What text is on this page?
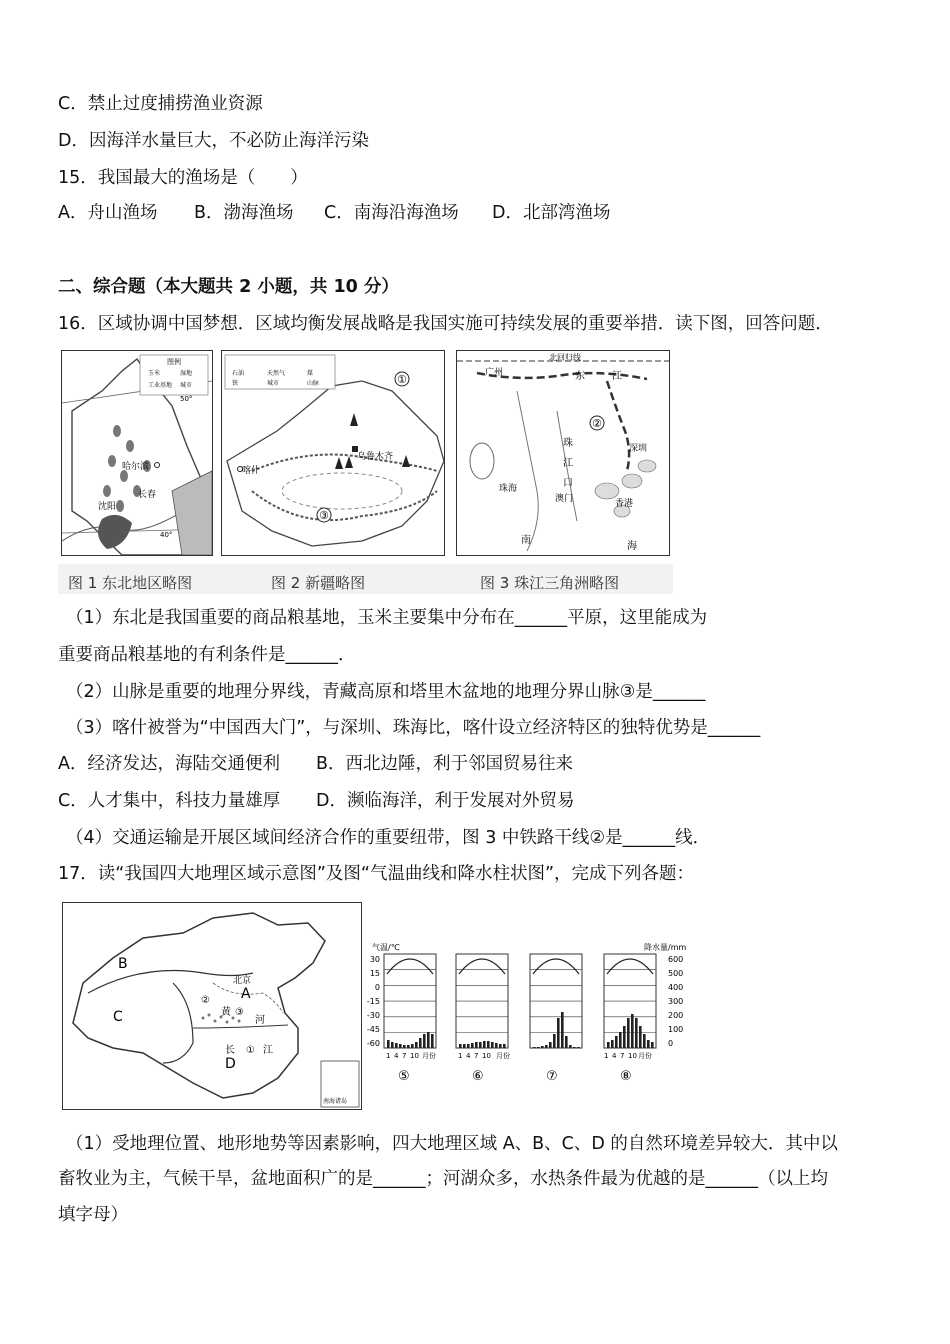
C．禁止过度捕捞渔业资源
D．因海洋水量巨大，不必防止海洋污染
15．我国最大的渔场是（　　）
A．舟山渔场 B．渤海渔场 C．南海沿海渔场 D．北部湾渔场
二、综合题（本大题共 2 小题，共 10 分）
16．区域协调中国梦想．区域均衡发展战略是我国实施可持续发展的重要举措．读下图，回答问题．
图例
玉米	湿地
工业基地 城市
哈尔滨
长春
沈阳
50°
40°
石油	天然气	煤
铁	城市	山脉
喀什
乌鲁木齐
①
③
北回归线
广州	东	江
珠
江
口
珠海
澳门
深圳
香港
南
海
②
图 1 东北地区略图	图 2 新疆略图	图 3 珠江三角洲略图
（1）东北是我国重要的商品粮基地，玉米主要集中分布在______平原，这里能成为
重要商品粮基地的有利条件是______．
（2）山脉是重要的地理分界线，青藏高原和塔里木盆地的地理分界山脉③是______
（3）喀什被誉为“中国西大门”，与深圳、珠海比，喀什设立经济特区的独特优势是______
A．经济发达，海陆交通便利 B．西北边陲，利于邻国贸易往来
C．人才集中，科技力量雄厚 D．濒临海洋，利于发展对外贸易
（4）交通运输是开展区域间经济合作的重要纽带，图 3 中铁路干线②是______线．
17．读“我国四大地理区域示意图”及图“气温曲线和降水柱状图”，完成下列各题：
南海诸岛
B
C
A
D
北京
黄
河
长	江
②
③
①
气温/℃	降水量/mm
30
15
0
-15
-30
-45
-60
600
500
400
300
200
100
0
1 4 7 10 月份	1 4 7 10 月份	1 4 7 10 月份
⑤	⑥	⑦	⑧
（1）受地理位置、地形地势等因素影响，四大地理区域 A、B、C、D 的自然环境差异较大．其中以
畜牧业为主，气候干旱，盆地面积广的是______；河湖众多，水热条件最为优越的是______（以上均
填字母）
